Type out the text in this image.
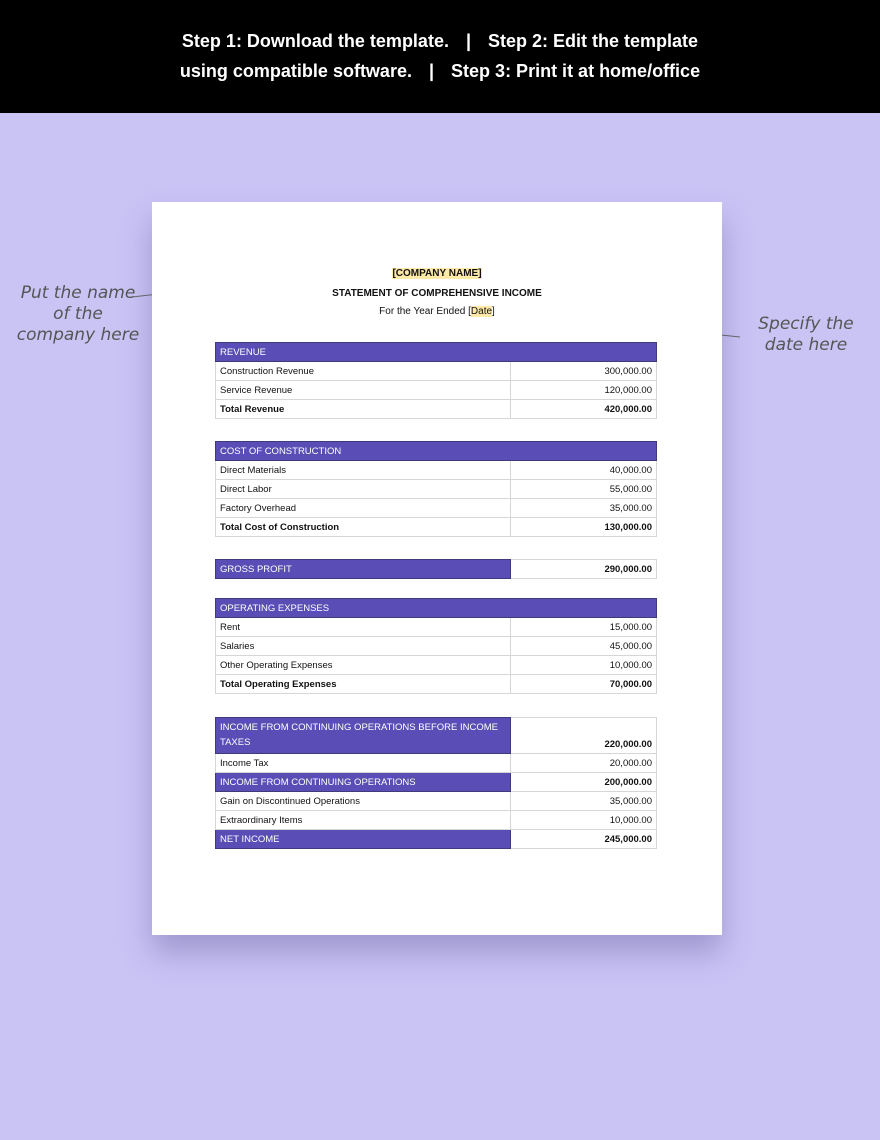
Step 1: Download the template. | Step 2: Edit the template
using compatible software. | Step 3: Print it at home/office
Put the name of the company here
Specify the date here
[COMPANY NAME]
STATEMENT OF COMPREHENSIVE INCOME
For the Year Ended [Date]
REVENUE	
Construction Revenue	300,000.00
Service Revenue	120,000.00
Total Revenue	420,000.00
COST OF CONSTRUCTION	
Direct Materials	40,000.00
Direct Labor	55,000.00
Factory Overhead	35,000.00
Total Cost of Construction	130,000.00
GROSS PROFIT	290,000.00
OPERATING EXPENSES	
Rent	15,000.00
Salaries	45,000.00
Other Operating Expenses	10,000.00
Total Operating Expenses	70,000.00
INCOME FROM CONTINUING OPERATIONS BEFORE INCOME TAXES	220,000.00
Income Tax	20,000.00
INCOME FROM CONTINUING OPERATIONS	200,000.00
Gain on Discontinued Operations	35,000.00
Extraordinary Items	10,000.00
NET INCOME	245,000.00
